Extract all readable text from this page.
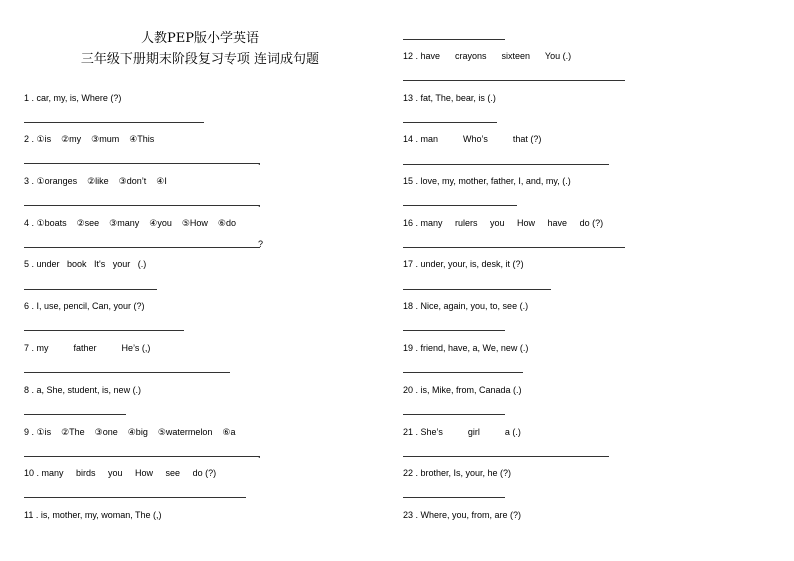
人教PEP版小学英语
三年级下册期末阶段复习专项 连词成句题
1 . car, my, is, Where (?)
2 . ①is    ②my    ③mum    ④This
3 . ①oranges    ②like    ③don’t    ④I
4 . ①boats    ②see    ③many    ④you    ⑤How    ⑥do
5 . under   book   It's   your   (.)
6 . I, use, pencil, Can, your (?)
7 . my          father          He’s (,)
8 . a, She, student, is, new (.)
9 . ①is    ②The    ③one    ④big    ⑤watermelon    ⑥a
10 . many     birds     you     How     see     do (?)
11 . is, mother, my, woman, The (,)
.
.
?
.
12 . have      crayons      sixteen      You (.)
13 . fat, The, bear, is (.)
14 . man          Who’s          that (?)
15 . love, my, mother, father, I, and, my, (.)
16 . many     rulers     you     How     have     do (?)
17 . under, your, is, desk, it (?)
18 . Nice, again, you, to, see (.)
19 . friend, have, a, We, new (.)
20 . is, Mike, from, Canada (.)
21 . She’s          girl          a (.)
22 . brother, Is, your, he (?)
23 . Where, you, from, are (?)
